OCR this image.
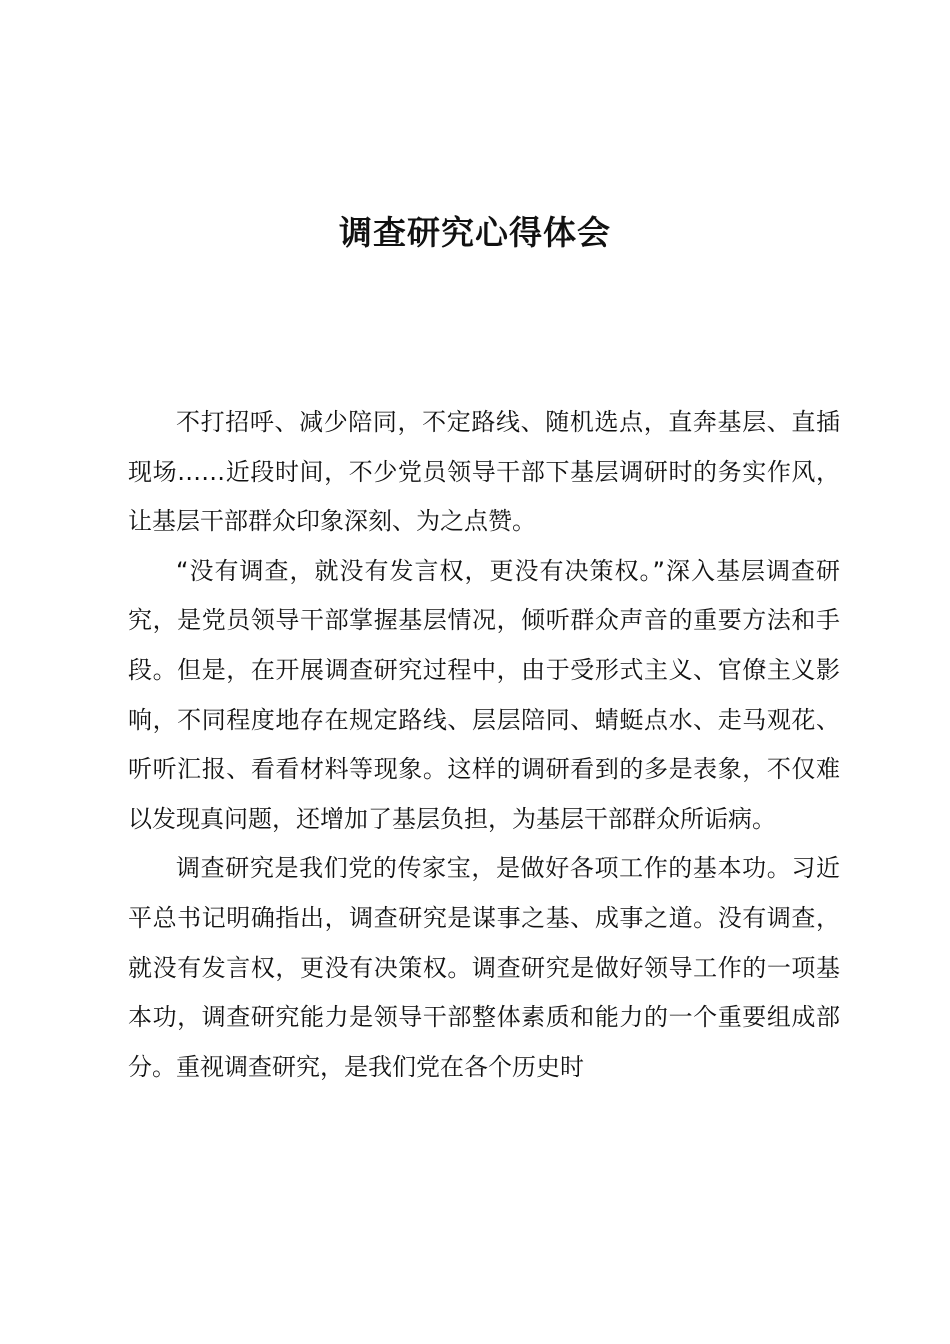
调查研究心得体会

不打招呼、减少陪同，不定路线、随机选点，直奔基层、直插现场……近段时间，不少党员领导干部下基层调研时的务实作风，让基层干部群众印象深刻、为之点赞。

“没有调查，就没有发言权，更没有决策权。”深入基层调查研究，是党员领导干部掌握基层情况，倾听群众声音的重要方法和手段。但是，在开展调查研究过程中，由于受形式主义、官僚主义影响，不同程度地存在规定路线、层层陪同、蜻蜓点水、走马观花、听听汇报、看看材料等现象。这样的调研看到的多是表象，不仅难以发现真问题，还增加了基层负担，为基层干部群众所诟病。

调查研究是我们党的传家宝，是做好各项工作的基本功。习近平总书记明确指出，调查研究是谋事之基、成事之道。没有调查，就没有发言权，更没有决策权。调查研究是做好领导工作的一项基本功，调查研究能力是领导干部整体素质和能力的一个重要组成部分。重视调查研究，是我们党在各个历史时
